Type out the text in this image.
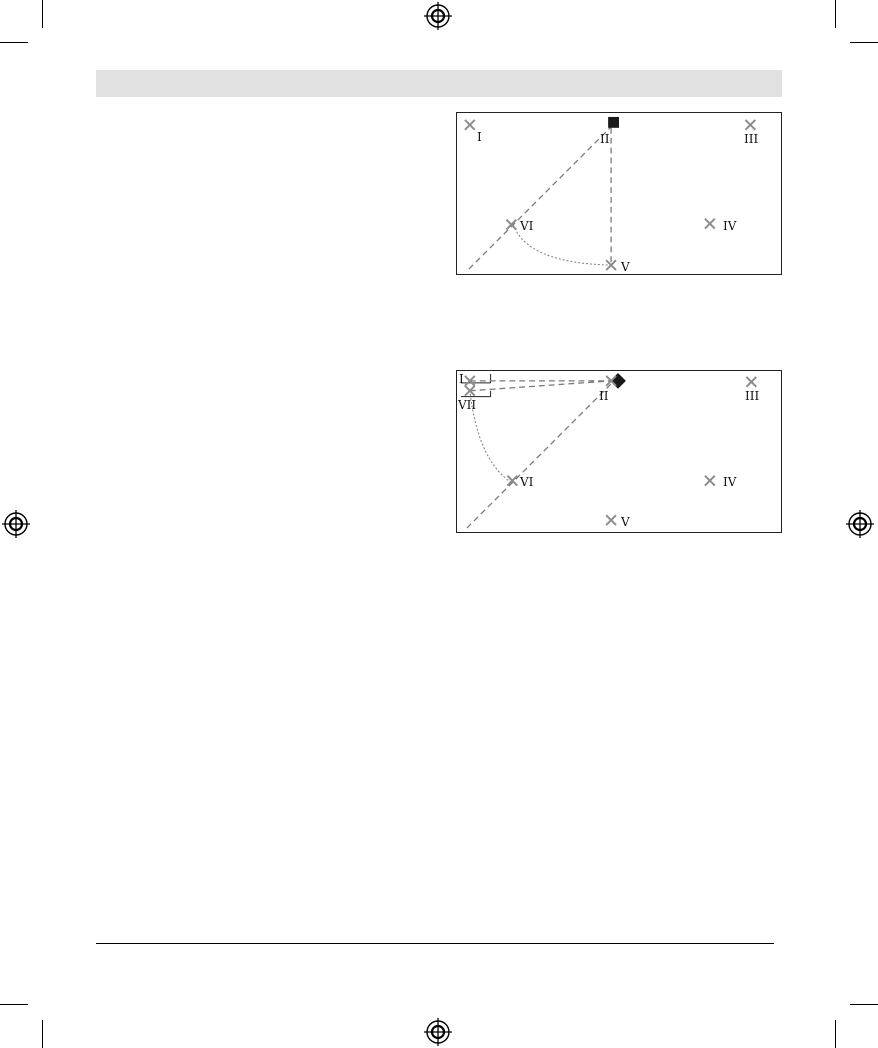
I	II	III
IV
V
VI
I
II	III
IV
V
VI
VII
